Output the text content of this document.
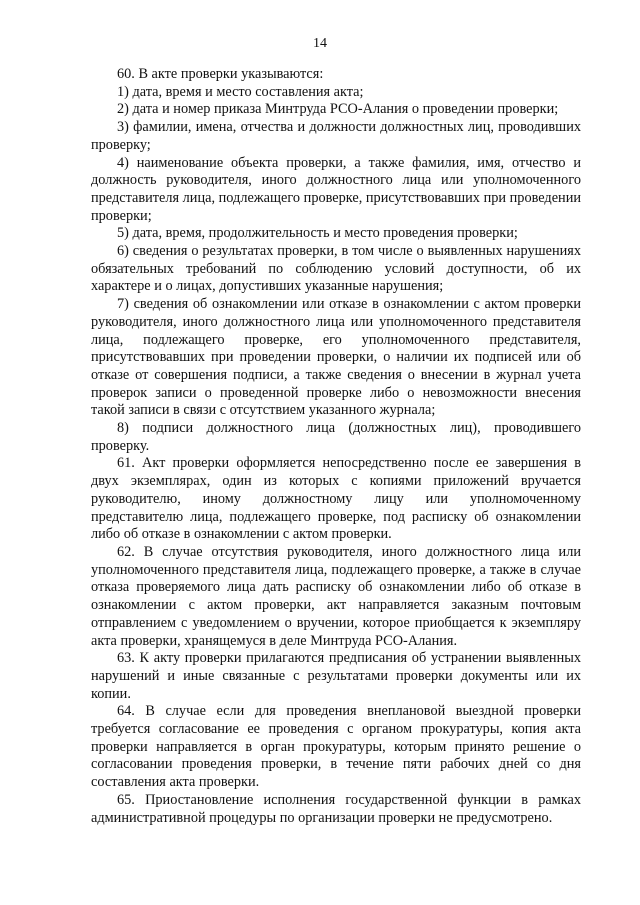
14

60. В акте проверки указываются:

1) дата, время и место составления акта;

2) дата и номер приказа Минтруда РСО-Алания о проведении проверки;

3) фамилии, имена, отчества и должности должностных лиц, проводивших проверку;

4) наименование объекта проверки, а также фамилия, имя, отчество и должность руководителя, иного должностного лица или уполномоченного представителя лица, подлежащего проверке, присутствовавших при проведении проверки;

5) дата, время, продолжительность и место проведения проверки;

6) сведения о результатах проверки, в том числе о выявленных нарушениях обязательных требований по соблюдению условий доступности, об их характере и о лицах, допустивших указанные нарушения;

7) сведения об ознакомлении или отказе в ознакомлении с актом проверки руководителя, иного должностного лица или уполномоченного представителя лица, подлежащего проверке, его уполномоченного представителя, присутствовавших при проведении проверки, о наличии их подписей или об отказе от совершения подписи, а также сведения о внесении в журнал учета проверок записи о проведенной проверке либо о невозможности внесения такой записи в связи с отсутствием указанного журнала;

8) подписи должностного лица (должностных лиц), проводившего проверку.

61. Акт проверки оформляется непосредственно после ее завершения в двух экземплярах, один из которых с копиями приложений вручается руководителю, иному должностному лицу или уполномоченному представителю лица, подлежащего проверке, под расписку об ознакомлении либо об отказе в ознакомлении с актом проверки.

62. В случае отсутствия руководителя, иного должностного лица или уполномоченного представителя лица, подлежащего проверке, а также в случае отказа проверяемого лица дать расписку об ознакомлении либо об отказе в ознакомлении с актом проверки, акт направляется заказным почтовым отправлением с уведомлением о вручении, которое приобщается к экземпляру акта проверки, хранящемуся в деле Минтруда РСО-Алания.

63. К акту проверки прилагаются предписания об устранении выявленных нарушений и иные связанные с результатами проверки документы или их копии.

64. В случае если для проведения внеплановой выездной проверки требуется согласование ее проведения с органом прокуратуры, копия акта проверки направляется в орган прокуратуры, которым принято решение о согласовании проведения проверки, в течение пяти рабочих дней со дня составления акта проверки.

65. Приостановление исполнения государственной функции в рамках административной процедуры по организации проверки не предусмотрено.
